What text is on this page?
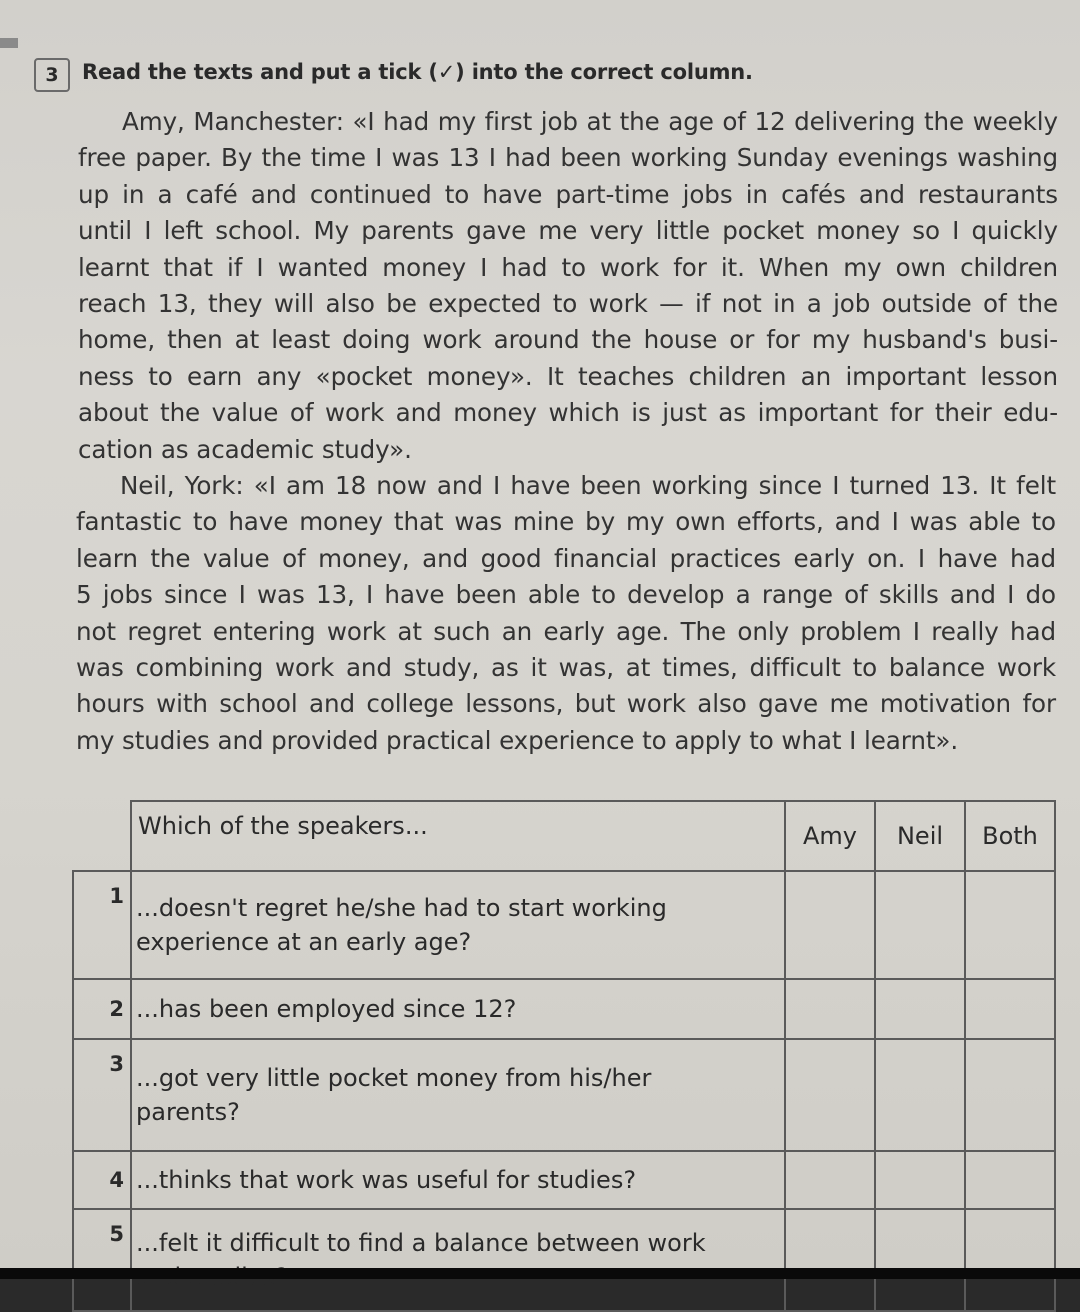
3	Read the texts and put a tick (✓) into the correct column.
Amy, Manchester: «I had my first job at the age of 12 delivering the weekly
free paper. By the time I was 13 I had been working Sunday evenings washing
up in a café and continued to have part-time jobs in cafés and restaurants
until I left school. My parents gave me very little pocket money so I quickly
learnt that if I wanted money I had to work for it. When my own children
reach 13, they will also be expected to work — if not in a job outside of the
home, then at least doing work around the house or for my husband's busi-
ness to earn any «pocket money». It teaches children an important lesson
about the value of work and money which is just as important for their edu-
cation as academic study».
Neil, York: «I am 18 now and I have been working since I turned 13. It felt
fantastic to have money that was mine by my own efforts, and I was able to
learn the value of money, and good financial practices early on. I have had
5 jobs since I was 13, I have been able to develop a range of skills and I do
not regret entering work at such an early age. The only problem I really had
was combining work and study, as it was, at times, difficult to balance work
hours with school and college lessons, but work also gave me motivation for
my studies and provided practical experience to apply to what I learnt».
	Which of the speakers...	Amy	Neil	Both
1	...doesn't regret he/she had to start working
experience at an early age?			
2	...has been employed since 12?			
3	...got very little pocket money from his/her
parents?			
4	...thinks that work was useful for studies?			
5	...felt it difficult to find a balance between work
